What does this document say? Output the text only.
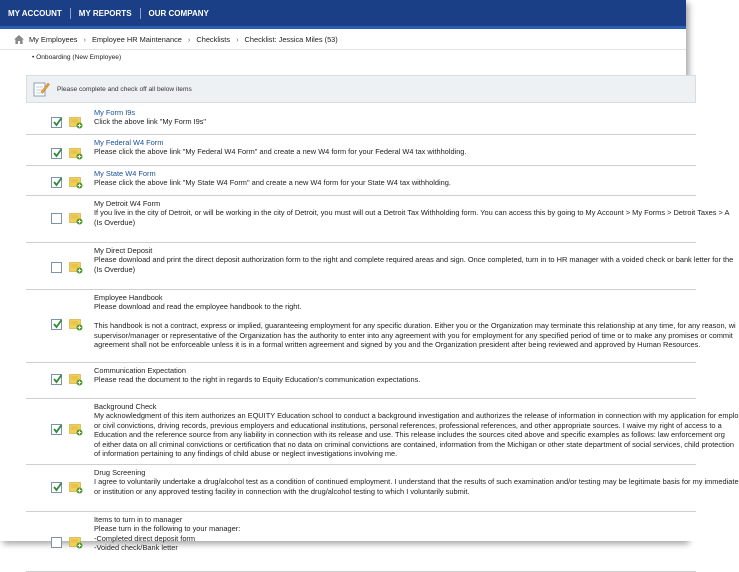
MY ACCOUNT	MY REPORTS	OUR COMPANY
My Employees › Employee HR Maintenance › Checklists › Checklist: Jessica Miles (53)
• Onboarding (New Employee)
Please complete and check off all below items
My Form I9s
Click the above link "My Form I9s"
My Federal W4 Form
Please click the above link "My Federal W4 Form" and create a new W4 form for your Federal W4 tax withholding.
My State W4 Form
Please click the above link "My State W4 Form" and create a new W4 form for your State W4 tax withholding.
My Detroit W4 Form
If you live in the city of Detroit, or will be working in the city of Detroit, you must will out a Detroit Tax Withholding form. You can access this by going to My Account > My Forms > Detroit Taxes > A
(Is Overdue)
My Direct Deposit
Please download and print the direct deposit authorization form to the right and complete required areas and sign. Once completed, turn in to HR manager with a voided check or bank letter for the
(Is Overdue)
Employee Handbook
Please download and read the employee handbook to the right.

This handbook is not a contract, express or implied, guaranteeing employment for any specific duration. Either you or the Organization may terminate this relationship at any time, for any reason, wi
supervisor/manager or representative of the Organization has the authority to enter into any agreement with you for employment for any specified period of time or to make any promises or commit
agreement shall not be enforceable unless it is in a formal written agreement and signed by you and the Organization president after being reviewed and approved by Human Resources.
Communication Expectation
Please read the document to the right in regards to Equity Education's communication expectations.
Background Check
My acknowledgment of this item authorizes an EQUITY Education school to conduct a background investigation and authorizes the release of information in connection with my application for emplo
or civil convictions, driving records, previous employers and educational institutions, personal references, professional references, and other appropriate sources. I waive my right of access to a
Education and the reference source from any liability in connection with its release and use. This release includes the sources cited above and specific examples as follows: law enforcement org
of either data on all criminal convictions or certification that no data on criminal convictions are contained, information from the Michigan or other state department of social services, child protection
of information pertaining to any findings of child abuse or neglect investigations involving me.
Drug Screening
I agree to voluntarily undertake a drug/alcohol test as a condition of continued employment. I understand that the results of such examination and/or testing may be legitimate basis for my immediate
or institution or any approved testing facility in connection with the drug/alcohol testing to which I voluntarily submit.
Items to turn in to manager
Please turn in the following to your manager:
-Completed direct deposit form
-Voided check/Bank letter
